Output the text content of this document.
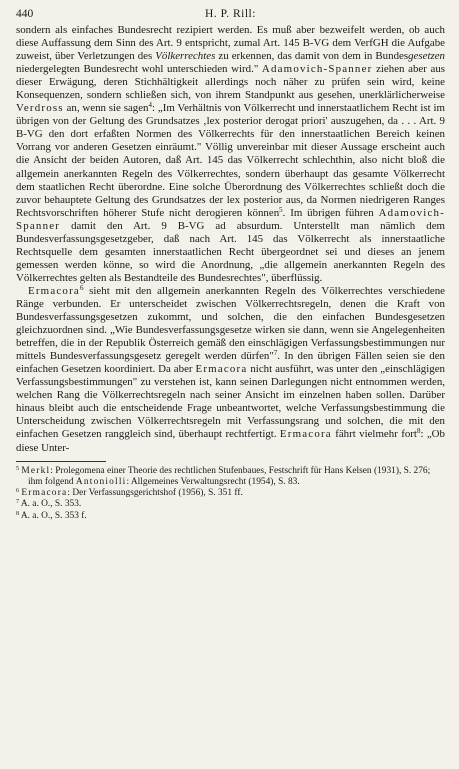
440	H. P. Rill:

sondern als einfaches Bundesrecht rezipiert werden. Es muß aber bezweifelt werden, ob auch diese Auffassung dem Sinn des Art. 9 entspricht, zumal Art. 145 B-VG dem VerfGH die Aufgabe zuweist, über Verletzungen des Völkerrechtes zu erkennen, das damit von dem in Bundesgesetzen niedergelegten Bundesrecht wohl unterschieden wird." Adamovich-Spanner ziehen aber aus dieser Erwägung, deren Stichhältigkeit allerdings noch näher zu prüfen sein wird, keine Konsequenzen, sondern schließen sich, von ihrem Standpunkt aus gesehen, unerklärlicherweise Verdross an, wenn sie sagen$^4$: „Im Verhältnis von Völkerrecht und innerstaatlichem Recht ist im übrigen von der Geltung des Grundsatzes ‚lex posterior derogat priori' auszugehen, da . . . Art. 9 B-VG den dort erfaßten Normen des Völkerrechts für den innerstaatlichen Bereich keinen Vorrang vor anderen Gesetzen einräumt." Völlig unvereinbar mit dieser Aussage erscheint auch die Ansicht der beiden Autoren, daß Art. 145 das Völkerrecht schlechthin, also nicht bloß die allgemein anerkannten Regeln des Völkerrechtes, sondern überhaupt das gesamte Völkerrecht dem staatlichen Recht überordne. Eine solche Überordnung des Völkerrechtes schließt doch die zuvor behauptete Geltung des Grundsatzes der lex posterior aus, da Normen niedrigeren Ranges Rechtsvorschriften höherer Stufe nicht derogieren können$^5$. Im übrigen führen Adamovich-Spanner damit den Art. 9 B-VG ad absurdum. Unterstellt man nämlich dem Bundesverfassungsgesetzgeber, daß nach Art. 145 das Völkerrecht als innerstaatliche Rechtsquelle dem gesamten innerstaatlichen Recht übergeordnet sei und dieses an jenem gemessen werden könne, so wird die Anordnung, „die allgemein anerkannten Regeln des Völkerrechtes gelten als Bestandteile des Bundesrechtes", überflüssig.

Ermacora$^6$ sieht mit den allgemein anerkannten Regeln des Völkerrechtes verschiedene Ränge verbunden. Er unterscheidet zwischen Völkerrechtsregeln, denen die Kraft von Bundesverfassungsgesetzen zukommt, und solchen, die den einfachen Bundesgesetzen gleichzuordnen sind. „Wie Bundesverfassungsgesetze wirken sie dann, wenn sie Angelegenheiten betreffen, die in der Republik Österreich gemäß den einschlägigen Verfassungsbestimmungen nur mittels Bundesverfassungsgesetz geregelt werden dürfen"$^7$. In den übrigen Fällen seien sie den einfachen Gesetzen koordiniert. Da aber Ermacora nicht ausführt, was unter den „einschlägigen Verfassungsbestimmungen" zu verstehen ist, kann seinen Darlegungen nicht entnommen werden, welchen Rang die Völkerrechtsregeln nach seiner Ansicht im einzelnen haben sollen. Darüber hinaus bleibt auch die entscheidende Frage unbeantwortet, welche Verfassungsbestimmung die Unterscheidung zwischen Völkerrechtsregeln mit Verfassungsrang und solchen, die mit den einfachen Gesetzen ranggleich sind, überhaupt rechtfertigt. Ermacora fährt vielmehr fort$^8$: „Ob diese Unter-

$^5$ Merkl: Prolegomena einer Theorie des rechtlichen Stufenbaues, Festschrift für Hans Kelsen (1931), S. 276; ihm folgend Antoniolli: Allgemeines Verwaltungsrecht (1954), S. 83.

$^6$ Ermacora: Der Verfassungsgerichtshof (1956), S. 351 ff.

$^7$ A. a. O., S. 353.

$^8$ A. a. O., S. 353 f.
